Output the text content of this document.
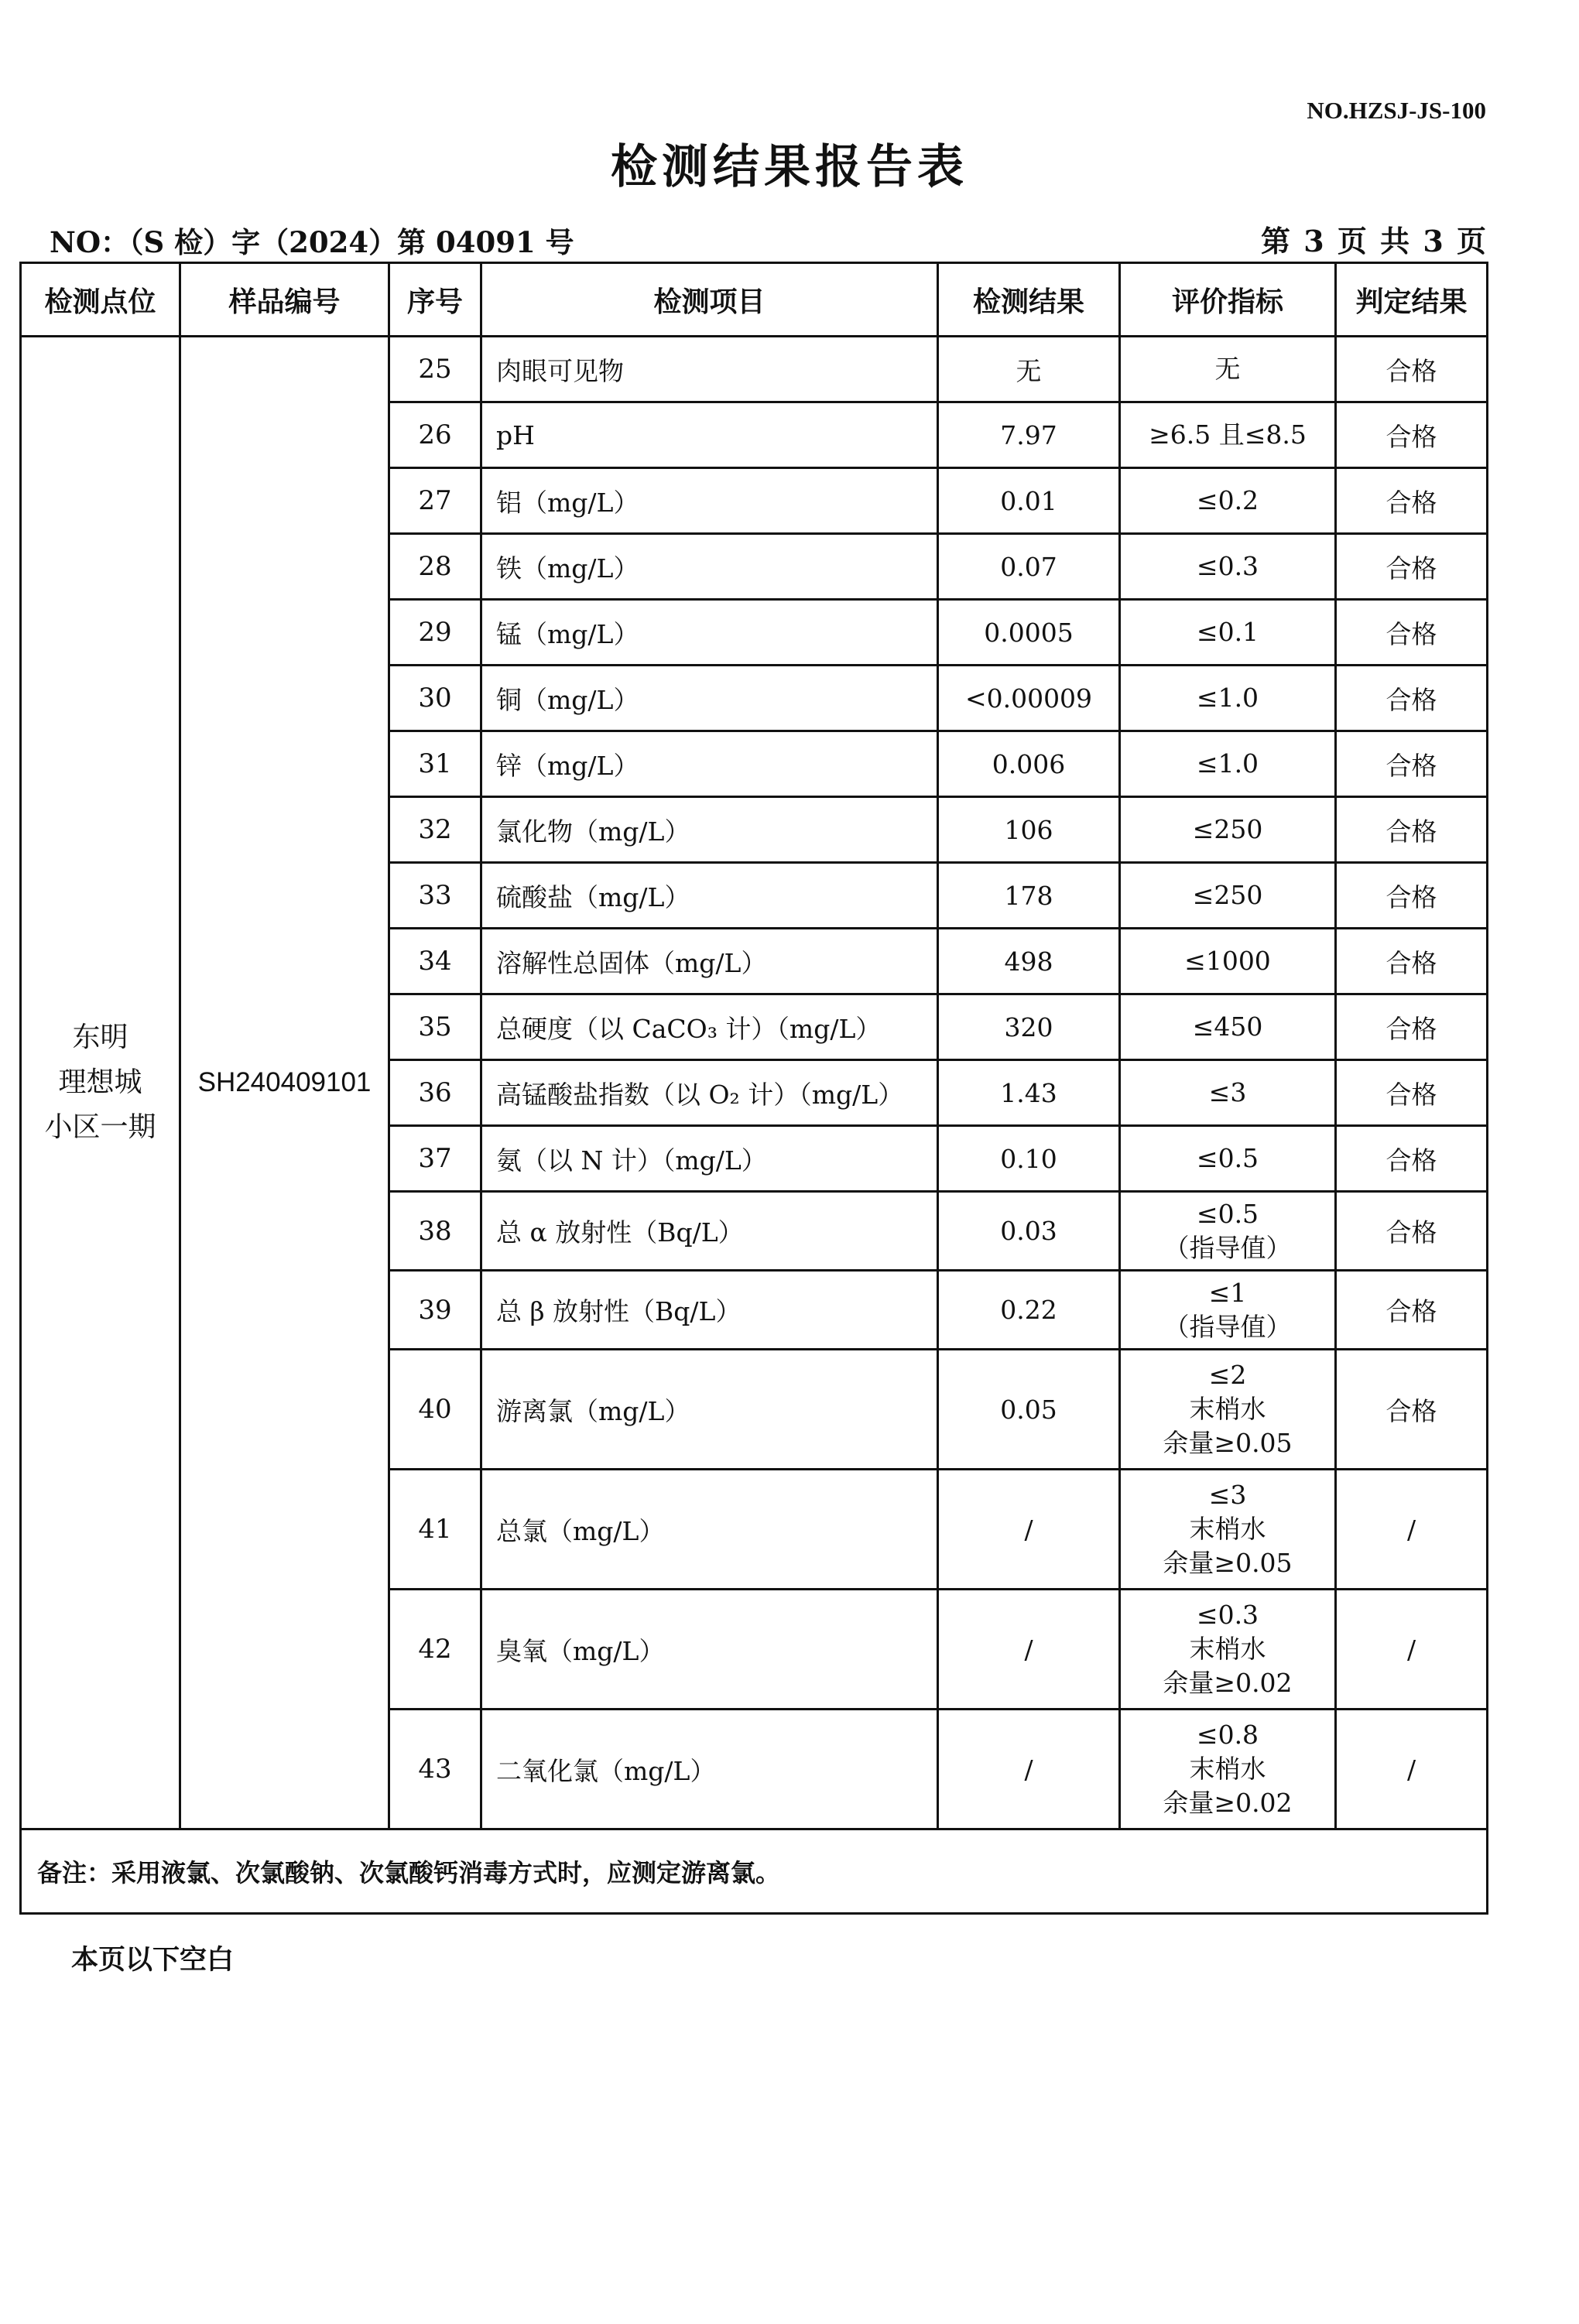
NO.HZSJ-JS-100
检测结果报告表
NO：（S 检）字（2024）第 04091 号	第 3 页 共 3 页
检测点位	样品编号	序号	检测项目	检测结果	评价指标	判定结果

东明
理想城
小区一期	SH240409101	25	肉眼可见物	无	无	合格
		26	pH	7.97	≥6.5 且≤8.5	合格
		27	铝（mg/L）	0.01	≤0.2	合格
		28	铁（mg/L）	0.07	≤0.3	合格
		29	锰（mg/L）	0.0005	≤0.1	合格
		30	铜（mg/L）	<0.00009	≤1.0	合格
		31	锌（mg/L）	0.006	≤1.0	合格
		32	氯化物（mg/L）	106	≤250	合格
		33	硫酸盐（mg/L）	178	≤250	合格
		34	溶解性总固体（mg/L）	498	≤1000	合格
		35	总硬度（以 CaCO₃ 计）（mg/L）	320	≤450	合格
		36	高锰酸盐指数（以 O₂ 计）（mg/L）	1.43	≤3	合格
		37	氨（以 N 计）（mg/L）	0.10	≤0.5	合格
		38	总 α 放射性（Bq/L）	0.03	≤0.5
（指导值）	合格
		39	总 β 放射性（Bq/L）	0.22	≤1
（指导值）	合格
		40	游离氯（mg/L）	0.05	≤2
末梢水
余量≥0.05	合格
		41	总氯（mg/L）	/	≤3
末梢水
余量≥0.05	/
		42	臭氧（mg/L）	/	≤0.3
末梢水
余量≥0.02	/
		43	二氧化氯（mg/L）	/	≤0.8
末梢水
余量≥0.02	/
备注：采用液氯、次氯酸钠、次氯酸钙消毒方式时，应测定游离氯。						
本页以下空白
